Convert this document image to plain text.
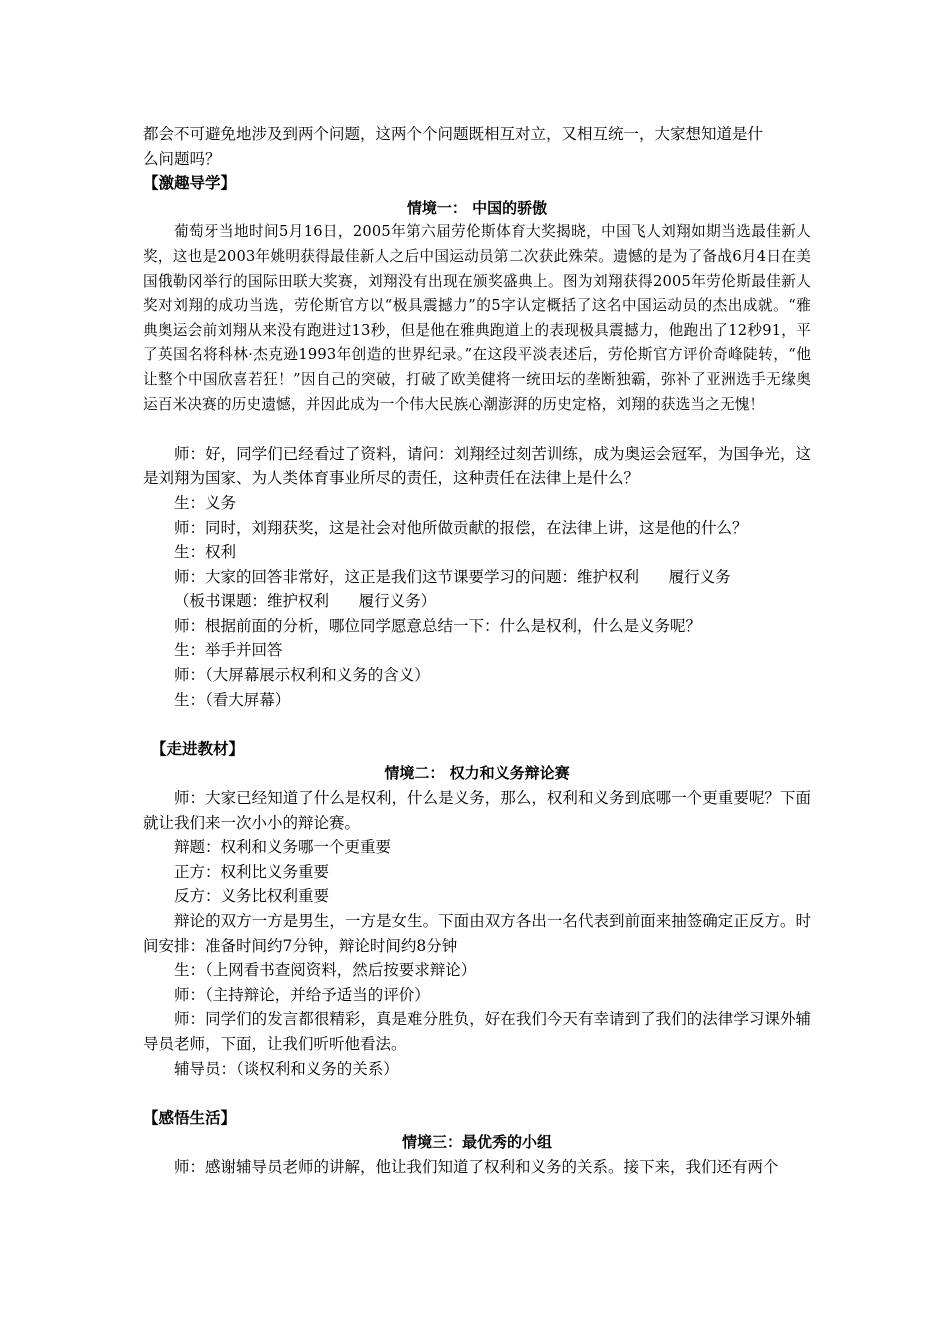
都会不可避免地涉及到两个问题，这两个个问题既相互对立，又相互统一，大家想知道是什
么问题吗？
【激趣导学】
情境一： 中国的骄傲
葡萄牙当地时间5月16日，2005年第六届劳伦斯体育大奖揭晓，中国飞人刘翔如期当选最佳新人奖，这也是2003年姚明获得最佳新人之后中国运动员第二次获此殊荣。遗憾的是为了备战6月4日在美国俄勒冈举行的国际田联大奖赛，刘翔没有出现在颁奖盛典上。图为刘翔获得2005年劳伦斯最佳新人奖对刘翔的成功当选，劳伦斯官方以“极具震撼力”的5字认定概括了这名中国运动员的杰出成就。“雅典奥运会前刘翔从来没有跑进过13秒，但是他在雅典跑道上的表现极具震撼力，他跑出了12秒91，平了英国名将科林·杰克逊1993年创造的世界纪录。”在这段平淡表述后，劳伦斯官方评价奇峰陡转，“他让整个中国欣喜若狂！”因自己的突破，打破了欧美健将一统田坛的垄断独霸，弥补了亚洲选手无缘奥运百米决赛的历史遗憾，并因此成为一个伟大民族心潮澎湃的历史定格，刘翔的获选当之无愧！
师：好，同学们已经看过了资料，请问：刘翔经过刻苦训练，成为奥运会冠军，为国争光，这是刘翔为国家、为人类体育事业所尽的责任，这种责任在法律上是什么？
生：义务
师：同时，刘翔获奖，这是社会对他所做贡献的报偿，在法律上讲，这是他的什么？
生：权利
师：大家的回答非常好，这正是我们这节课要学习的问题：维护权利      履行义务
（板书课题：维护权利      履行义务）
师：根据前面的分析，哪位同学愿意总结一下：什么是权利，什么是义务呢？
生：举手并回答
师：（大屏幕展示权利和义务的含义）
生：（看大屏幕）
【走进教材】
情境二： 权力和义务辩论赛
师：大家已经知道了什么是权利，什么是义务，那么，权利和义务到底哪一个更重要呢？下面就让我们来一次小小的辩论赛。
辩题：权利和义务哪一个更重要
正方：权利比义务重要
反方：义务比权利重要
辩论的双方一方是男生，一方是女生。下面由双方各出一名代表到前面来抽签确定正反方。时间安排：准备时间约7分钟，辩论时间约8分钟
生：（上网看书查阅资料，然后按要求辩论）
师：（主持辩论，并给予适当的评价）
师：同学们的发言都很精彩，真是难分胜负，好在我们今天有幸请到了我们的法律学习课外辅导员老师，下面，让我们听听他看法。
辅导员：（谈权利和义务的关系）
【感悟生活】
情境三：最优秀的小组
师：感谢辅导员老师的讲解，他让我们知道了权利和义务的关系。接下来，我们还有两个
